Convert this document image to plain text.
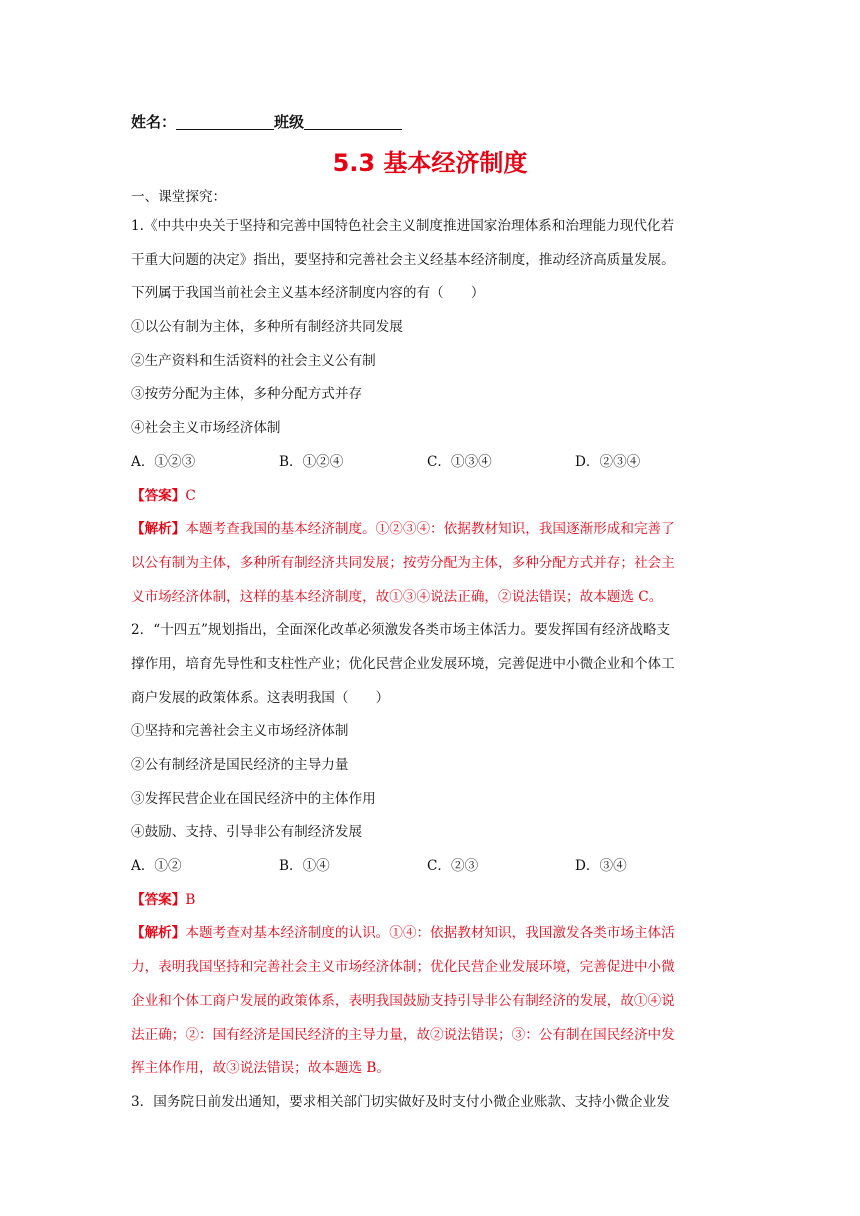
姓名：	班级
5.3 基本经济制度
一、课堂探究：
1.《中共中央关于坚持和完善中国特色社会主义制度推进国家治理体系和治理能力现代化若
干重大问题的决定》指出，要坚持和完善社会主义经基本经济制度，推动经济高质量发展。
下列属于我国当前社会主义基本经济制度内容的有（　　）
①以公有制为主体，多种所有制经济共同发展
②生产资料和生活资料的社会主义公有制
③按劳分配为主体，多种分配方式并存
④社会主义市场经济体制
A．①②③	B．①②④	C．①③④	D．②③④
【答案】C
【解析】本题考查我国的基本经济制度。①②③④：依据教材知识，我国逐渐形成和完善了
以公有制为主体，多种所有制经济共同发展；按劳分配为主体，多种分配方式并存；社会主
义市场经济体制，这样的基本经济制度，故①③④说法正确，②说法错误；故本题选 C。
2．“十四五”规划指出，全面深化改革必须激发各类市场主体活力。要发挥国有经济战略支
撑作用，培育先导性和支柱性产业；优化民营企业发展环境，完善促进中小微企业和个体工
商户发展的政策体系。这表明我国（　　）
①坚持和完善社会主义市场经济体制
②公有制经济是国民经济的主导力量
③发挥民营企业在国民经济中的主体作用
④鼓励、支持、引导非公有制经济发展
A．①②	B．①④	C．②③	D．③④
【答案】B
【解析】本题考查对基本经济制度的认识。①④：依据教材知识，我国激发各类市场主体活
力，表明我国坚持和完善社会主义市场经济体制；优化民营企业发展环境，完善促进中小微
企业和个体工商户发展的政策体系，表明我国鼓励支持引导非公有制经济的发展，故①④说
法正确；②：国有经济是国民经济的主导力量，故②说法错误；③：公有制在国民经济中发
挥主体作用，故③说法错误；故本题选 B。
3．国务院日前发出通知，要求相关部门切实做好及时支付小微企业账款、支持小微企业发
